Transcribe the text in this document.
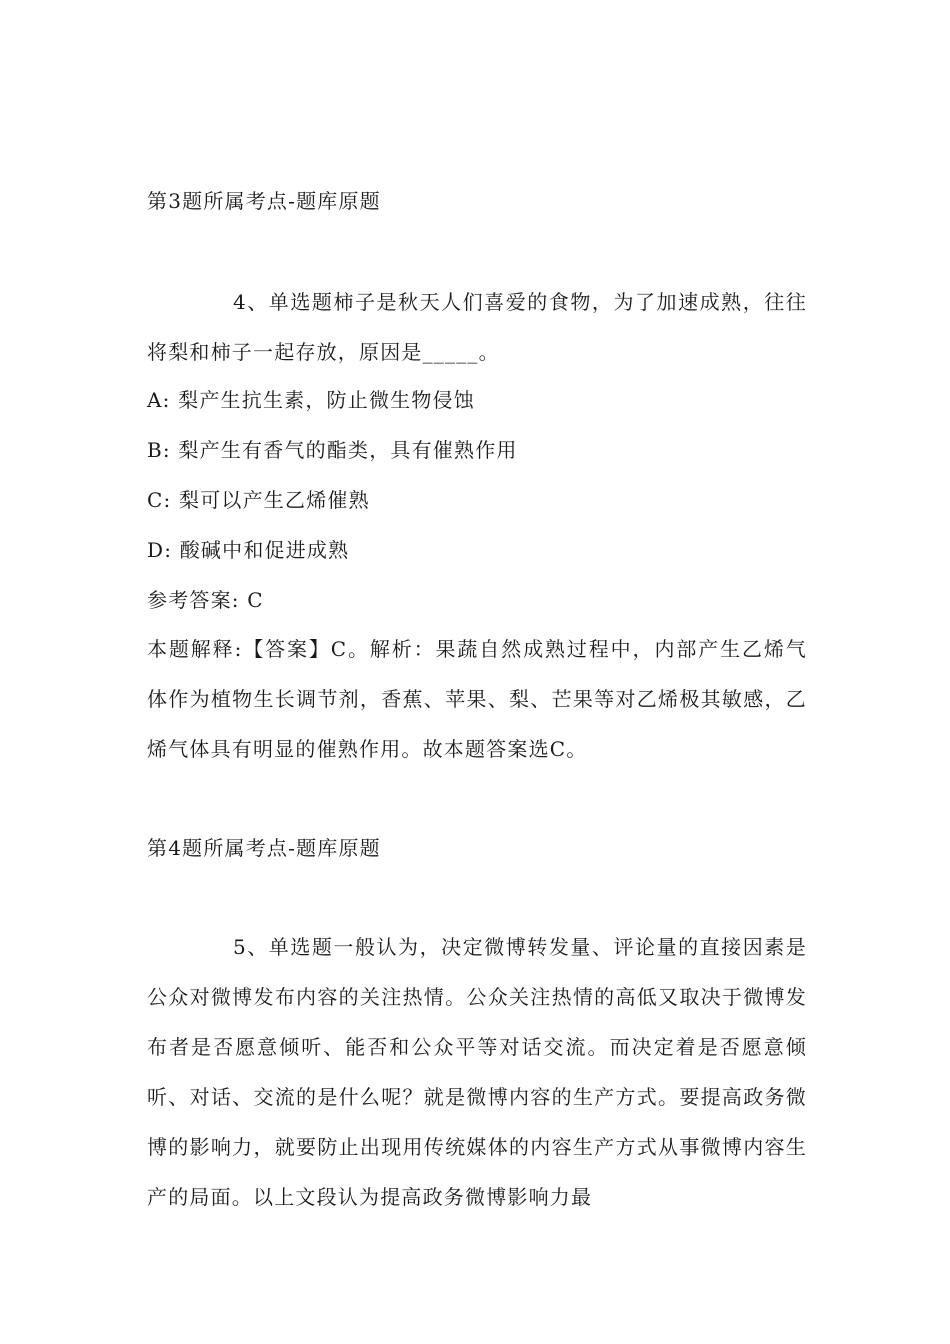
第3题所属考点-题库原题
4、单选题柿子是秋天人们喜爱的食物，为了加速成熟，往往将梨和柿子一起存放，原因是_____。
A: 梨产生抗生素，防止微生物侵蚀
B: 梨产生有香气的酯类，具有催熟作用
C: 梨可以产生乙烯催熟
D: 酸碱中和促进成熟
参考答案: C
本题解释:【答案】C。解析：果蔬自然成熟过程中，内部产生乙烯气体作为植物生长调节剂，香蕉、苹果、梨、芒果等对乙烯极其敏感，乙烯气体具有明显的催熟作用。故本题答案选C。
第4题所属考点-题库原题
5、单选题一般认为，决定微博转发量、评论量的直接因素是公众对微博发布内容的关注热情。公众关注热情的高低又取决于微博发布者是否愿意倾听、能否和公众平等对话交流。而决定着是否愿意倾听、对话、交流的是什么呢？就是微博内容的生产方式。要提高政务微博的影响力，就要防止出现用传统媒体的内容生产方式从事微博内容生产的局面。以上文段认为提高政务微博影响力最
